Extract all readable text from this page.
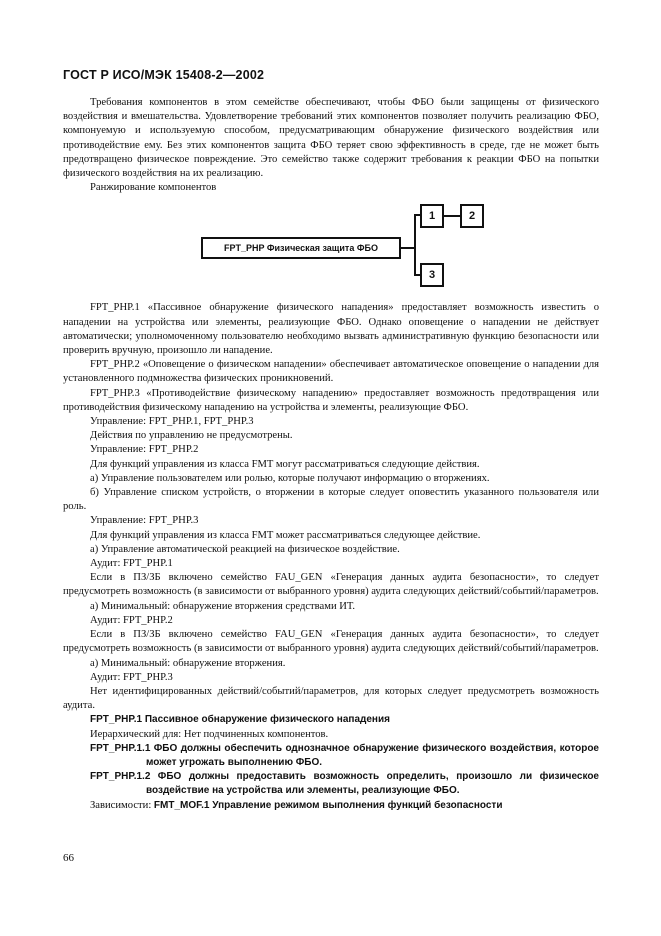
ГОСТ Р ИСО/МЭК 15408-2—2002

Требования компонентов в этом семействе обеспечивают, чтобы ФБО были защищены от физического воздействия и вмешательства. Удовлетворение требований этих компонентов позволяет получить реализацию ФБО, компонуемую и используемую способом, предусматривающим обнаружение физического воздействия или противодействие ему. Без этих компонентов защита ФБО теряет свою эффективность в среде, где не может быть предотвращено физическое повреждение. Это семейство также содержит требования к реакции ФБО на попытки физического воздействия на их реализацию.

Ранжирование компонентов

FPT_PHP Физическая защита ФБО
1	2
3

FPT_PHP.1 «Пассивное обнаружение физического нападения» предоставляет возможность известить о нападении на устройства или элементы, реализующие ФБО. Однако оповещение о нападении не действует автоматически; уполномоченному пользователю необходимо вызвать административную функцию безопасности или проверить вручную, произошло ли нападение.

FPT_PHP.2 «Оповещение о физическом нападении» обеспечивает автоматическое оповещение о нападении для установленного подмножества физических проникновений.

FPT_PHP.3 «Противодействие физическому нападению» предоставляет возможность предотвращения или противодействия физическому нападению на устройства и элементы, реализующие ФБО.

Управление: FPT_PHP.1, FPT_PHP.3

Действия по управлению не предусмотрены.

Управление: FPT_PHP.2

Для функций управления из класса FMT могут рассматриваться следующие действия.

а) Управление пользователем или ролью, которые получают информацию о вторжениях.

б) Управление списком устройств, о вторжении в которые следует оповестить указанного пользователя или роль.

Управление: FPT_PHP.3

Для функций управления из класса FMT может рассматриваться следующее действие.

а) Управление автоматической реакцией на физическое воздействие.

Аудит: FPT_PHP.1

Если в ПЗ/ЗБ включено семейство FAU_GEN «Генерация данных аудита безопасности», то следует предусмотреть возможность (в зависимости от выбранного уровня) аудита следующих действий/событий/параметров.

а) Минимальный: обнаружение вторжения средствами ИТ.

Аудит: FPT_PHP.2

Если в ПЗ/ЗБ включено семейство FAU_GEN «Генерация данных аудита безопасности», то следует предусмотреть возможность (в зависимости от выбранного уровня) аудита следующих действий/событий/параметров.

а) Минимальный: обнаружение вторжения.

Аудит: FPT_PHP.3

Нет идентифицированных действий/событий/параметров, для которых следует предусмотреть возможность аудита.

FPT_PHP.1 Пассивное обнаружение физического нападения

Иерархический для: Нет подчиненных компонентов.

FPT_PHP.1.1 ФБО должны обеспечить однозначное обнаружение физического воздействия, которое может угрожать выполнению ФБО.

FPT_PHP.1.2 ФБО должны предоставить возможность определить, произошло ли физическое воздействие на устройства или элементы, реализующие ФБО.

Зависимости: FMT_MOF.1 Управление режимом выполнения функций безопасности

66
